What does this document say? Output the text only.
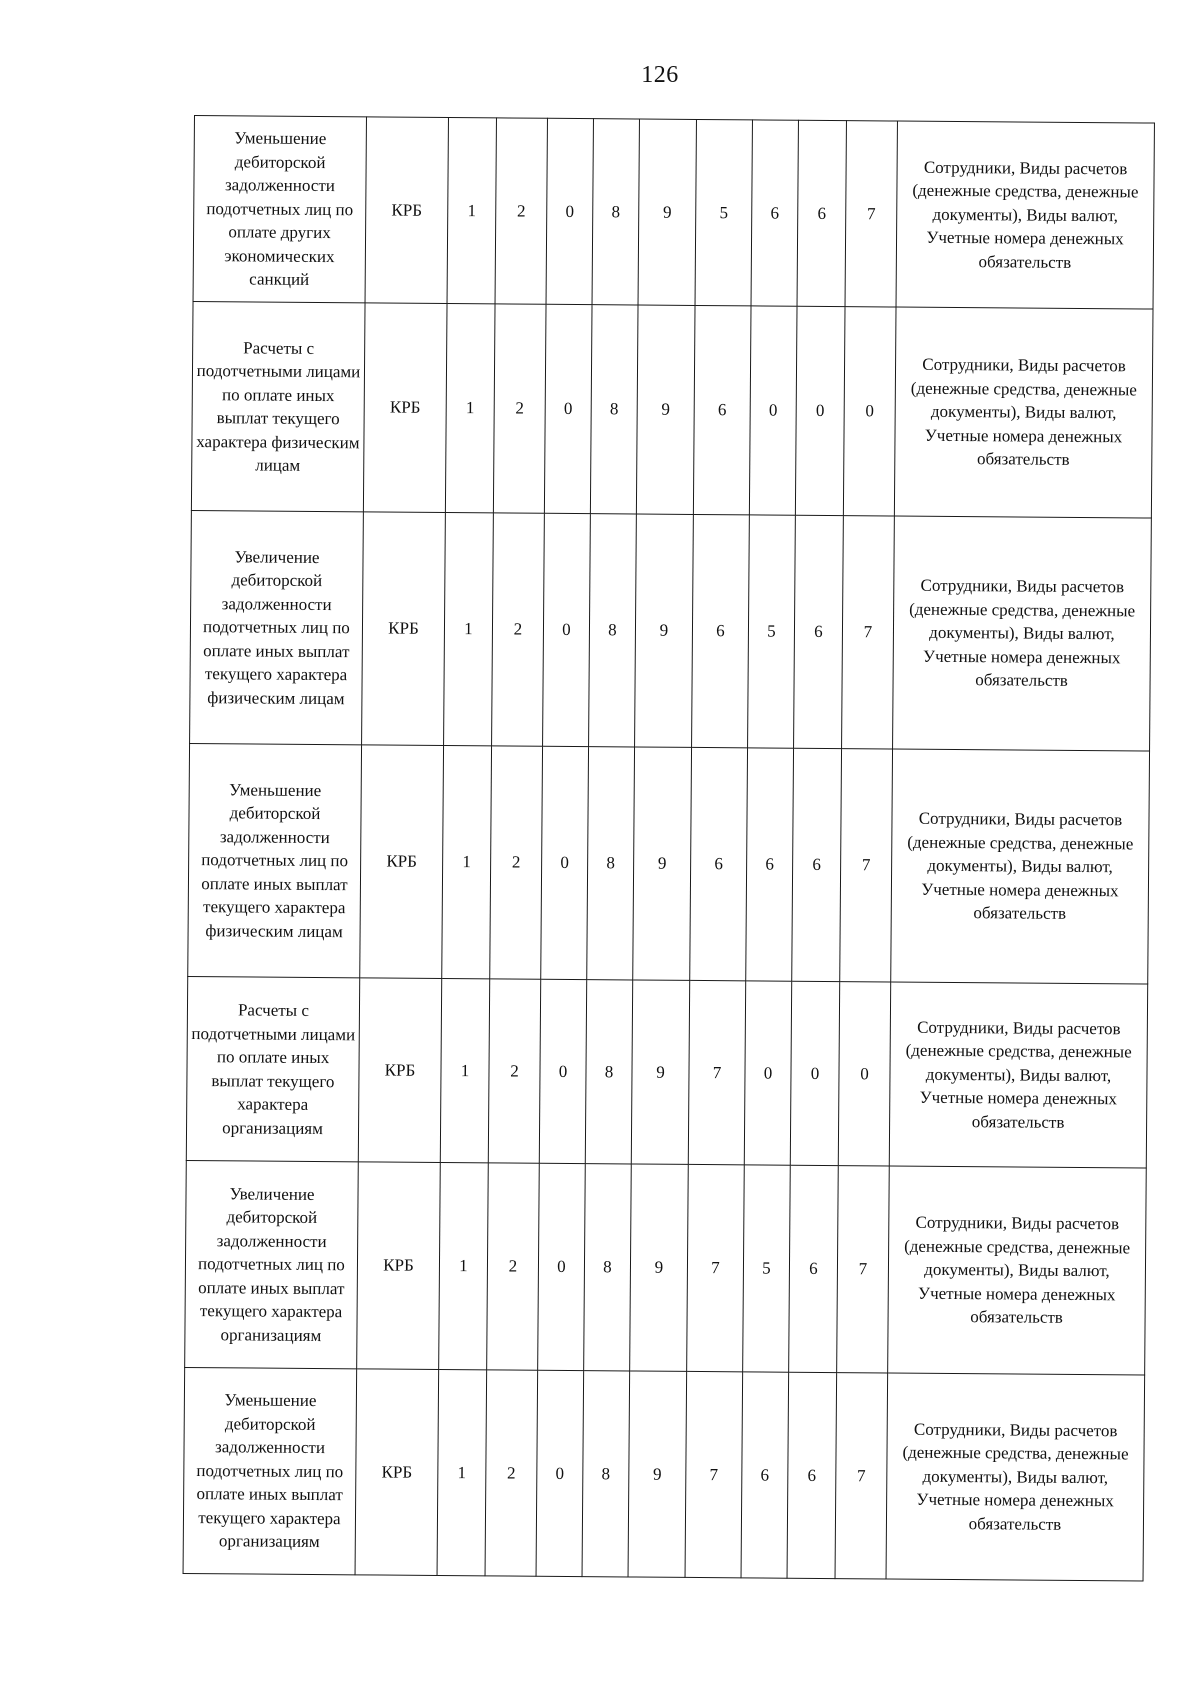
126
Уменьшение дебиторской задолженности подотчетных лиц по оплате других экономических санкций	КРБ	1	2	0	8	9	5	6	6	7	Сотрудники, Виды расчетов (денежные средства, денежные документы), Виды валют, Учетные номера денежных обязательств
Расчеты с подотчетными лицами по оплате иных выплат текущего характера физическим лицам	КРБ	1	2	0	8	9	6	0	0	0	Сотрудники, Виды расчетов (денежные средства, денежные документы), Виды валют, Учетные номера денежных обязательств
Увеличение дебиторской задолженности подотчетных лиц по оплате иных выплат текущего характера физическим лицам	КРБ	1	2	0	8	9	6	5	6	7	Сотрудники, Виды расчетов (денежные средства, денежные документы), Виды валют, Учетные номера денежных обязательств
Уменьшение дебиторской задолженности подотчетных лиц по оплате иных выплат текущего характера физическим лицам	КРБ	1	2	0	8	9	6	6	6	7	Сотрудники, Виды расчетов (денежные средства, денежные документы), Виды валют, Учетные номера денежных обязательств
Расчеты с подотчетными лицами по оплате иных выплат текущего характера организациям	КРБ	1	2	0	8	9	7	0	0	0	Сотрудники, Виды расчетов (денежные средства, денежные документы), Виды валют, Учетные номера денежных обязательств
Увеличение дебиторской задолженности подотчетных лиц по оплате иных выплат текущего характера организациям	КРБ	1	2	0	8	9	7	5	6	7	Сотрудники, Виды расчетов (денежные средства, денежные документы), Виды валют, Учетные номера денежных обязательств
Уменьшение дебиторской задолженности подотчетных лиц по оплате иных выплат текущего характера организациям	КРБ	1	2	0	8	9	7	6	6	7	Сотрудники, Виды расчетов (денежные средства, денежные документы), Виды валют, Учетные номера денежных обязательств
